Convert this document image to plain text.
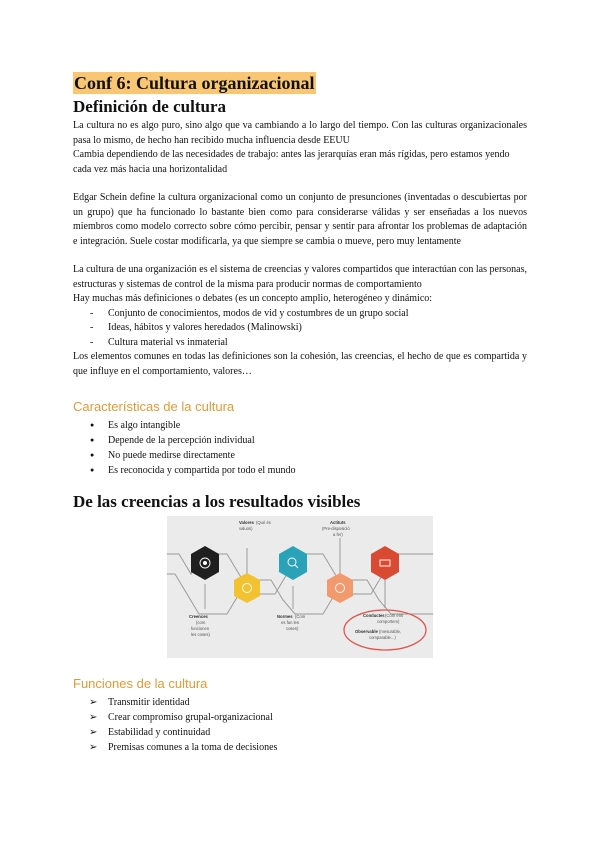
Conf 6: Cultura organizacional
Definición de cultura

La cultura no es algo puro, sino algo que va cambiando a lo largo del tiempo. Con las culturas organizacionales pasa lo mismo, de hecho han recibido mucha influencia desde EEUU

Cambia dependiendo de las necesidades de trabajo: antes las jerarquías eran más rígidas, pero estamos yendo cada vez más hacia una horizontalidad

Edgar Schein define la cultura organizacional como un conjunto de presunciones (inventadas o descubiertas por un grupo) que ha funcionado lo bastante bien como para considerarse válidas y ser enseñadas a los nuevos miembros como modelo correcto sobre cómo percibir, pensar y sentir para afrontar los problemas de adaptación e integración. Suele costar modificarla, ya que siempre se cambia o mueve, pero muy lentamente

La cultura de una organización es el sistema de creencias y valores compartidos que interactúan con las personas, estructuras y sistemas de control de la misma para producir normas de comportamiento

Hay muchas más definiciones o debates (es un concepto amplio, heterogéneo y dinámico:

- Conjunto de conocimientos, modos de vid y costumbres de un grupo social
- Ideas, hábitos y valores heredados (Malinowski)
- Cultura material vs inmaterial

Los elementos comunes en todas las definiciones son la cohesión, las creencias, el hecho de que es compartida y que influye en el comportamiento, valores…

Características de la cultura
● Es algo intangible
● Depende de la percepción individual
● No puede medirse directamente
● Es reconocida y compartida por todo el mundo
De las creencias a los resultados visibles
Valores (Què és
valuos)
Actituts
(Pre-disposició
a fer)
Creences
(com
funcionen
les coses)
Normes (Com
es fan les
coses)
Conductes (Com ens
comportem)
Observable (mesurable,
comparable...)
Funciones de la cultura
➢ Transmitir identidad
➢ Crear compromiso grupal-organizacional
➢ Estabilidad y continuidad
➢ Premisas comunes a la toma de decisiones
